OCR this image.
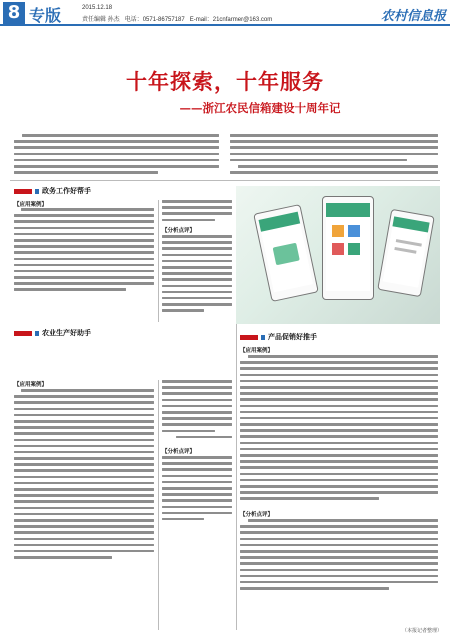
8 专版	2015.12.18
责任编辑 孙杰 电话：0571-86757187 E-mail：21cnfarmer@163.com	农村信息报
十年探索，十年服务
——浙江农民信箱建设十周年记
政务工作好帮手
【应用案例】
【分析点评】
农业生产好助手
【应用案例】
【分析点评】
产品促销好推手
【应用案例】
【分析点评】
（本报记者整理）
